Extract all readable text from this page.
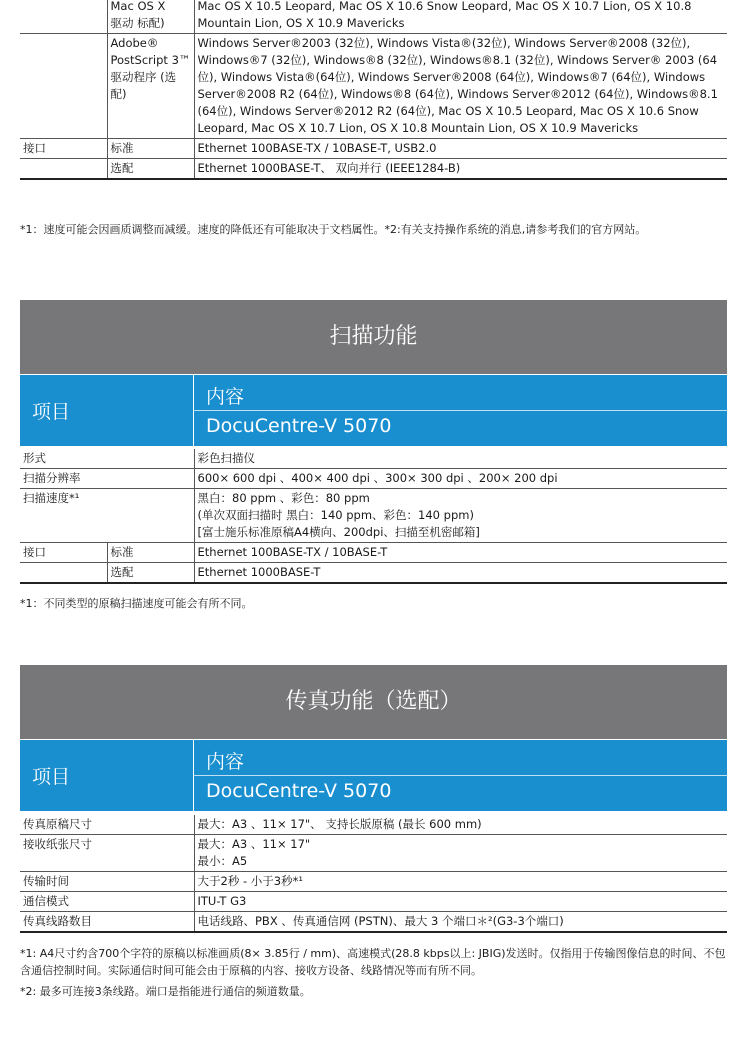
	Mac OS X
驱动 标配)	Mac OS X 10.5 Leopard, Mac OS X 10.6 Snow Leopard, Mac OS X 10.7 Lion, OS X 10.8 Mountain Lion, OS X 10.9 Mavericks
	Adobe® PostScript 3™ 驱动程序 (选配)	Windows Server®2003 (32位), Windows Vista®(32位), Windows Server®2008 (32位), Windows®7 (32位), Windows®8 (32位), Windows®8.1 (32位), Windows Server® 2003 (64位), Windows Vista®(64位), Windows Server®2008 (64位), Windows®7 (64位), Windows Server®2008 R2 (64位), Windows®8 (64位), Windows Server®2012 (64位), Windows®8.1 (64位), Windows Server®2012 R2 (64位), Mac OS X 10.5 Leopard, Mac OS X 10.6 Snow Leopard, Mac OS X 10.7 Lion, OS X 10.8 Mountain Lion, OS X 10.9 Mavericks
接口	标准	Ethernet 100BASE-TX / 10BASE-T, USB2.0
	选配	Ethernet 1000BASE-T、 双向并行 (IEEE1284-B)
*1：速度可能会因画质调整而减缓。速度的降低还有可能取决于文档属性。*2:有关支持操作系统的消息,请参考我们的官方网站。
扫描功能
项目
内容
DocuCentre-V 5070
形式		彩色扫描仪
扫描分辨率		600× 600 dpi 、400× 400 dpi 、300× 300 dpi 、200× 200 dpi
扫描速度*¹		黑白：80 ppm 、彩色：80 ppm
(单次双面扫描时 黑白：140 ppm、彩色：140 ppm)
[富士施乐标准原稿A4横向、200dpi、扫描至机密邮箱]

接口	标准	Ethernet 100BASE-TX / 10BASE-T
	选配	Ethernet 1000BASE-T
*1：不同类型的原稿扫描速度可能会有所不同。
传真功能（选配）
项目
内容
DocuCentre-V 5070
传真原稿尺寸	最大：A3 、11× 17"、 支持长版原稿 (最长 600 mm)
接收纸张尺寸	最大：A3 、11× 17"
最小：A5

传输时间	大于2秒 - 小于3秒*¹
通信模式	ITU-T G3
传真线路数目	电话线路、PBX 、传真通信网 (PSTN)、最大 3 个端口＊²(G3-3个端口)
*1: A4尺寸约含700个字符的原稿以标准画质(8× 3.85行 / mm)、高速模式(28.8 kbps以上: JBIG)发送时。仅指用于传输图像信息的时间、不包含通信控制时间。实际通信时间可能会由于原稿的内容、接收方设备、线路情况等而有所不同。
*2: 最多可连接3条线路。端口是指能进行通信的频道数量。
